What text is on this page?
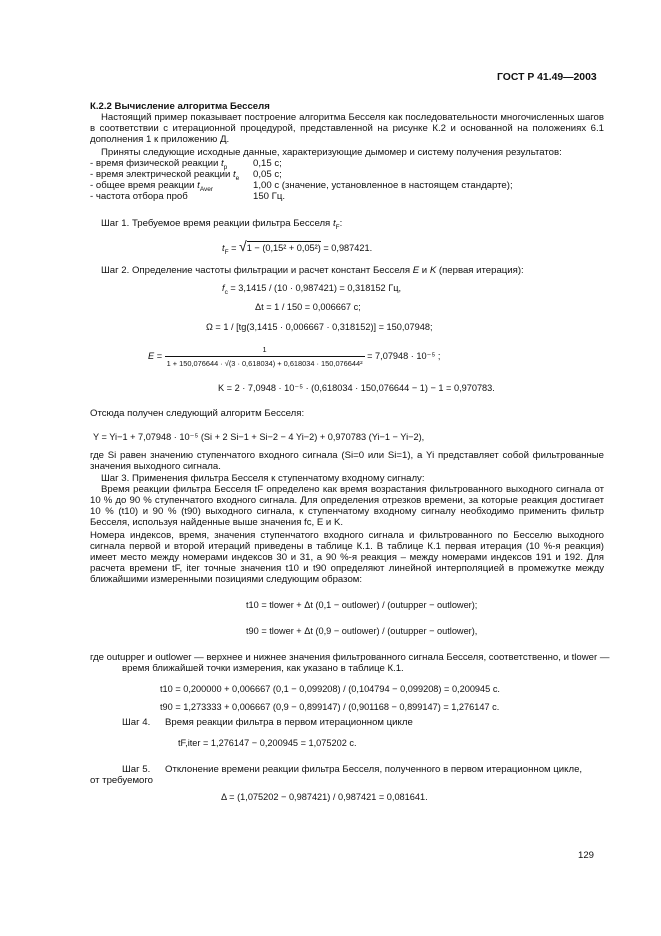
ГОСТ Р 41.49—2003
К.2.2 Вычисление алгоритма Бесселя
Настоящий пример показывает построение алгоритма Бесселя как последовательности многочисленных шагов в соответствии с итерационной процедурой, представленной на рисунке К.2 и основанной на положениях 6.1 дополнения 1 к приложению Д.
Приняты следующие исходные данные, характеризующие дымомер и систему получения результатов:
- время физической реакции $t_p$	0,15 с;
- время электрической реакции $t_e$ 0,05 с;
- общее время реакции $t_{Aver}$	1,00 с (значение, установленное в настоящем стандарте);
- частота отбора проб	150 Гц.
Шаг 1. Требуемое время реакции фильтра Бесселя $t_F$:
$t_F = √1 - (0,15^2 + 0,05^2) = 0,987421$.
Шаг 2. Определение частоты фильтрации и расчет констант Бесселя E и K (первая итерация):
$f_c = 3,1415 / (10 \cdot 0,987421) = 0,318152$ Гц,
Δt = 1 / 150 = 0,006667 с;
Ω = 1 / [tg(3,1415 · 0,006667 · 0,318152)] = 150,07948;
$E = \frac{1}{\text{1 + 150,076644 · √(3 · 0,618034) + 0,618034 · 150,076644²}} = 7,07948 \cdot 10^{-5}$ ;
K = 2 · 7,0948 · 10⁻⁵ · (0,618034 · 150,076644 − 1) − 1 = 0,970783.
Отсюда получен следующий алгоритм Бесселя:
Y = Yi−1 + 7,07948 · 10⁻⁵ (Si + 2 Si−1 + Si−2 − 4 Yi−2) + 0,970783 (Yi−1 − Yi−2),
где Si равен значению ступенчатого входного сигнала (Si=0 или Si=1), а Yi представляет собой фильтрованные значения выходного сигнала.
Шаг 3. Применения фильтра Бесселя к ступенчатому входному сигналу:
Время реакции фильтра Бесселя tF определено как время возрастания фильтрованного выходного сигнала от 10 % до 90 % ступенчатого входного сигнала. Для определения отрезков времени, за которые реакция достигает 10 % (t10) и 90 % (t90) выходного сигнала, к ступенчатому входному сигналу необходимо применить фильтр Бесселя, используя найденные выше значения fc, E и K.
Номера индексов, время, значения ступенчатого входного сигнала и фильтрованного по Бесселю выходного сигнала первой и второй итераций приведены в таблице К.1. В таблице К.1 первая итерация (10 %-я реакция) имеет место между номерами индексов 30 и 31, а 90 %-я реакция – между номерами индексов 191 и 192. Для расчета времени tF, iter точные значения t10 и t90 определяют линейной интерполяцией в промежутке между ближайшими измеренными позициями следующим образом:
t10 = tlower + Δt (0,1 − outlower) / (outupper − outlower);
t90 = tlower + Δt (0,9 − outlower) / (outupper − outlower),
где outupper и outlower — верхнее и нижнее значения фильтрованного сигнала Бесселя, соответственно, и tlower —
время ближайшей точки измерения, как указано в таблице К.1.
t10 = 0,200000 + 0,006667 (0,1 − 0,099208) / (0,104794 − 0,099208) = 0,200945 с.
t90 = 1,273333 + 0,006667 (0,9 − 0,899147) / (0,901168 − 0,899147) = 1,276147 с.
Шаг 4. Время реакции фильтра в первом итерационном цикле
tF,iter = 1,276147 − 0,200945 = 1,075202 с.
Шаг 5. Отклонение времени реакции фильтра Бесселя, полученного в первом итерационном цикле,
от требуемого
Δ = (1,075202 − 0,987421) / 0,987421 = 0,081641.
129
